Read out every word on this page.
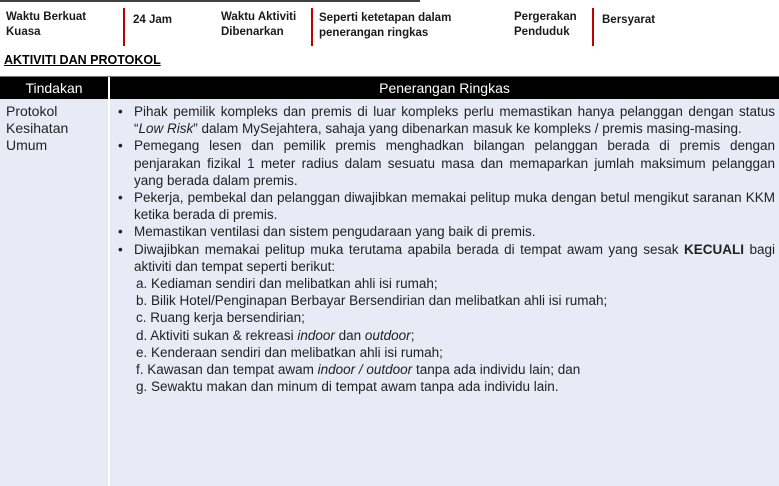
Waktu Berkuat Kuasa
24 Jam	Waktu Aktiviti Dibenarkan
Seperti ketetapan dalam penerangan ringkas
Pergerakan Penduduk
Bersyarat
AKTIVITI DAN PROTOKOL
Tindakan	Penerangan Ringkas
Protokol Kesihatan Umum
• Pihak pemilik kompleks dan premis di luar kompleks perlu memastikan hanya pelanggan dengan status “Low Risk” dalam MySejahtera, sahaja yang dibenarkan masuk ke kompleks / premis masing-masing.
• Pemegang lesen dan pemilik premis menghadkan bilangan pelanggan berada di premis dengan penjarakan fizikal 1 meter radius dalam sesuatu masa dan memaparkan jumlah maksimum pelanggan yang berada dalam premis.
• Pekerja, pembekal dan pelanggan diwajibkan memakai pelitup muka dengan betul mengikut saranan KKM ketika berada di premis.
• Memastikan ventilasi dan sistem pengudaraan yang baik di premis.
• Diwajibkan memakai pelitup muka terutama apabila berada di tempat awam yang sesak KECUALI bagi aktiviti dan tempat seperti berikut:
a. Kediaman sendiri dan melibatkan ahli isi rumah;
b. Bilik Hotel/Penginapan Berbayar Bersendirian dan melibatkan ahli isi rumah;
c. Ruang kerja bersendirian;
d. Aktiviti sukan & rekreasi indoor dan outdoor;
e. Kenderaan sendiri dan melibatkan ahli isi rumah;
f. Kawasan dan tempat awam indoor / outdoor tanpa ada individu lain; dan
g. Sewaktu makan dan minum di tempat awam tanpa ada individu lain.
